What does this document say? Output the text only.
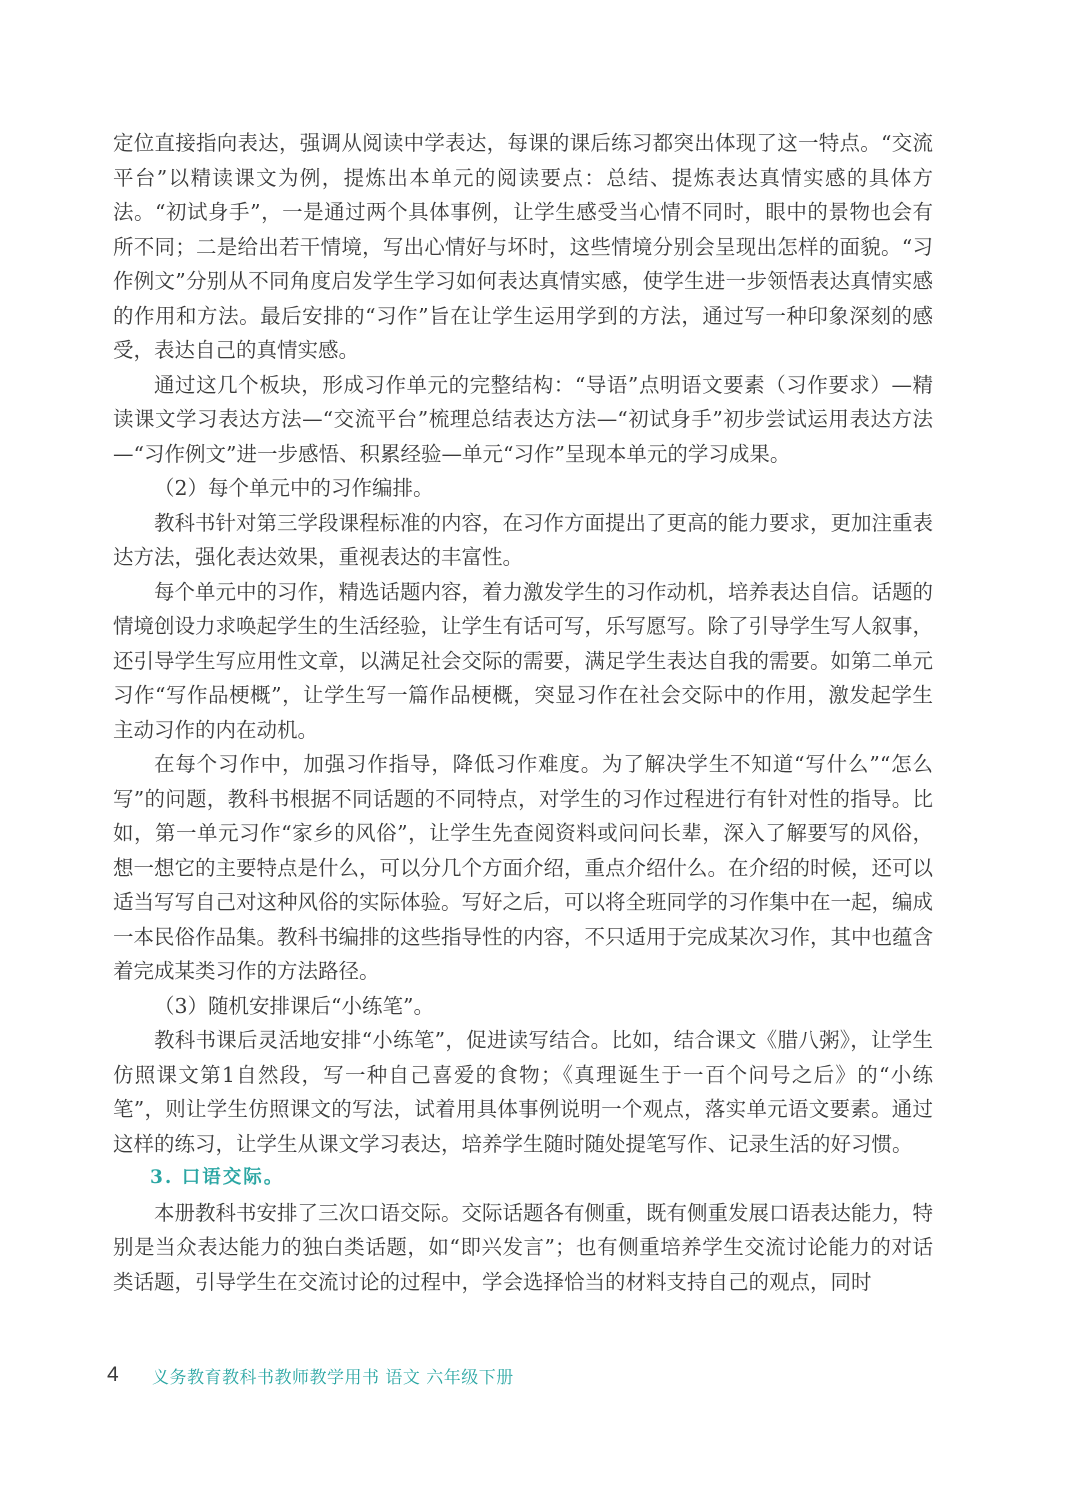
定位直接指向表达，强调从阅读中学表达，每课的课后练习都突出体现了这一特点。“交流平台”以精读课文为例，提炼出本单元的阅读要点：总结、提炼表达真情实感的具体方法。“初试身手”，一是通过两个具体事例，让学生感受当心情不同时，眼中的景物也会有所不同；二是给出若干情境，写出心情好与坏时，这些情境分别会呈现出怎样的面貌。“习作例文”分别从不同角度启发学生学习如何表达真情实感，使学生进一步领悟表达真情实感的作用和方法。最后安排的“习作”旨在让学生运用学到的方法，通过写一种印象深刻的感受，表达自己的真情实感。

通过这几个板块，形成习作单元的完整结构：“导语”点明语文要素（习作要求）—精读课文学习表达方法—“交流平台”梳理总结表达方法—“初试身手”初步尝试运用表达方法—“习作例文”进一步感悟、积累经验—单元“习作”呈现本单元的学习成果。

（2）每个单元中的习作编排。

教科书针对第三学段课程标准的内容，在习作方面提出了更高的能力要求，更加注重表达方法，强化表达效果，重视表达的丰富性。

每个单元中的习作，精选话题内容，着力激发学生的习作动机，培养表达自信。话题的情境创设力求唤起学生的生活经验，让学生有话可写，乐写愿写。除了引导学生写人叙事，还引导学生写应用性文章，以满足社会交际的需要，满足学生表达自我的需要。如第二单元习作“写作品梗概”，让学生写一篇作品梗概，突显习作在社会交际中的作用，激发起学生主动习作的内在动机。

在每个习作中，加强习作指导，降低习作难度。为了解决学生不知道“写什么”“怎么写”的问题，教科书根据不同话题的不同特点，对学生的习作过程进行有针对性的指导。比如，第一单元习作“家乡的风俗”，让学生先查阅资料或问问长辈，深入了解要写的风俗，想一想它的主要特点是什么，可以分几个方面介绍，重点介绍什么。在介绍的时候，还可以适当写写自己对这种风俗的实际体验。写好之后，可以将全班同学的习作集中在一起，编成一本民俗作品集。教科书编排的这些指导性的内容，不只适用于完成某次习作，其中也蕴含着完成某类习作的方法路径。

（3）随机安排课后“小练笔”。

教科书课后灵活地安排“小练笔”，促进读写结合。比如，结合课文《腊八粥》，让学生仿照课文第1自然段，写一种自己喜爱的食物；《真理诞生于一百个问号之后》的“小练笔”，则让学生仿照课文的写法，试着用具体事例说明一个观点，落实单元语文要素。通过这样的练习，让学生从课文学习表达，培养学生随时随处提笔写作、记录生活的好习惯。

3. 口语交际。

本册教科书安排了三次口语交际。交际话题各有侧重，既有侧重发展口语表达能力，特别是当众表达能力的独白类话题，如“即兴发言”；也有侧重培养学生交流讨论能力的对话类话题，引导学生在交流讨论的过程中，学会选择恰当的材料支持自己的观点，同时

4	义务教育教科书教师教学用书 语文 六年级下册
